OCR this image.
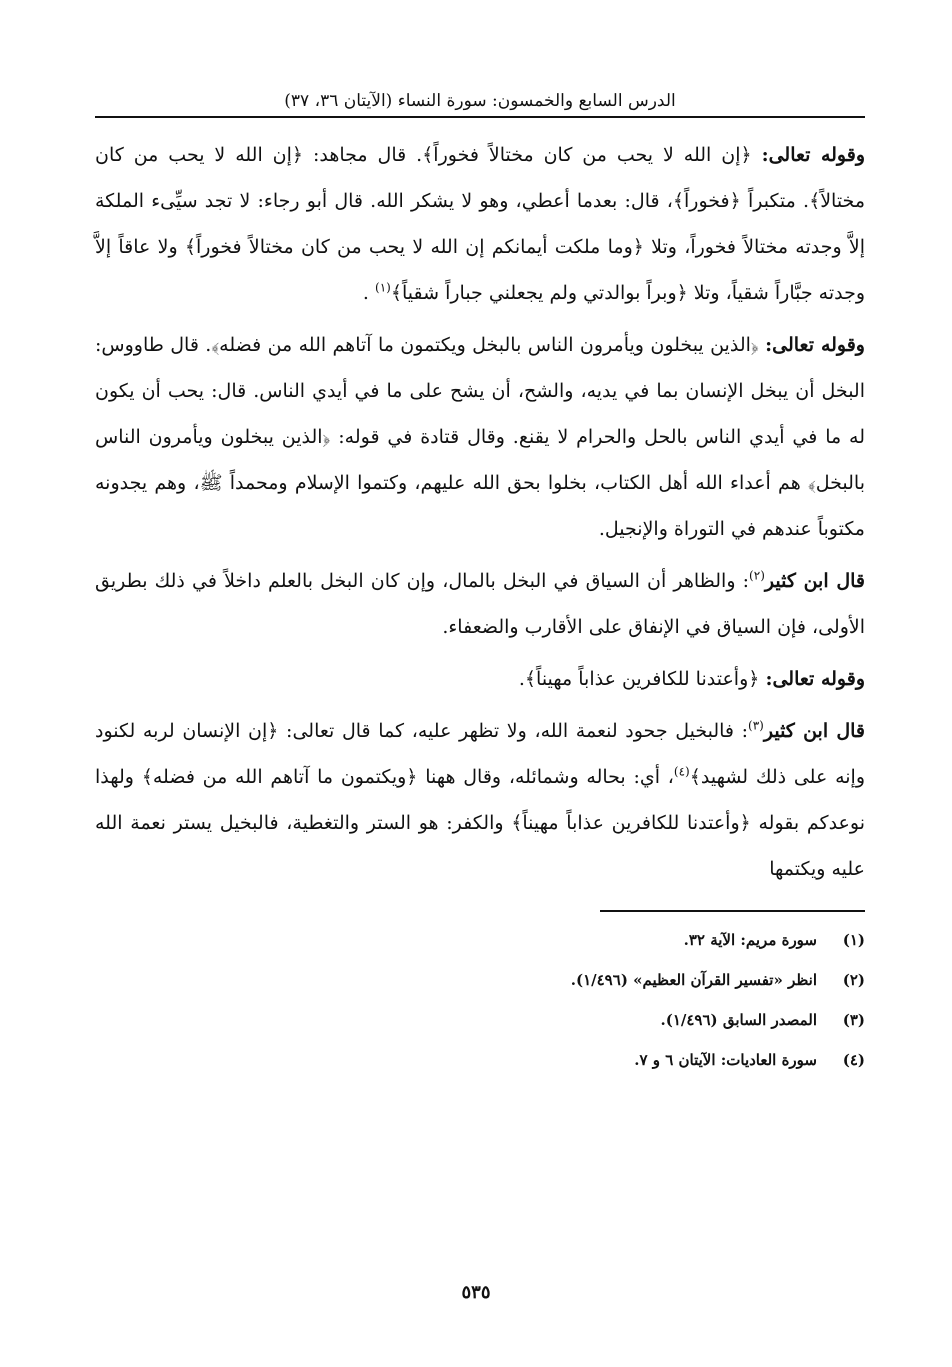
الدرس السابع والخمسون: سورة النساء (الآيتان ٣٦، ٣٧)

وقوله تعالى: ﴿إن الله لا يحب من كان مختالاً فخوراً﴾. قال مجاهد: ﴿إن الله لا يحب من كان مختالاً﴾. متكبراً ﴿فخوراً﴾، قال: بعدما أعطي، وهو لا يشكر الله. قال أبو رجاء: لا تجد سيِّىء الملكة إلاَّ وجدته مختالاً فخوراً، وتلا ﴿وما ملكت أيمانكم إن الله لا يحب من كان مختالاً فخوراً﴾ ولا عاقاً إلاَّ وجدته جبَّاراً شقياً، وتلا ﴿وبراً بوالدتي ولم يجعلني جباراً شقياً﴾$^{(١)}$ .

وقوله تعالى: ﴿الذين يبخلون ويأمرون الناس بالبخل ويكتمون ما آتاهم الله من فضله﴾. قال طاووس: البخل أن يبخل الإنسان بما في يديه، والشح، أن يشح على ما في أيدي الناس. قال: يحب أن يكون له ما في أيدي الناس بالحل والحرام لا يقنع. وقال قتادة في قوله: ﴿الذين يبخلون ويأمرون الناس بالبخل﴾ هم أعداء الله أهل الكتاب، بخلوا بحق الله عليهم، وكتموا الإسلام ومحمداً ﷺ، وهم يجدونه مكتوباً عندهم في التوراة والإنجيل.

قال ابن كثير$^{(٢)}$: والظاهر أن السياق في البخل بالمال، وإن كان البخل بالعلم داخلاً في ذلك بطريق الأولى، فإن السياق في الإنفاق على الأقارب والضعفاء.

وقوله تعالى: ﴿وأعتدنا للكافرين عذاباً مهيناً﴾.

قال ابن كثير$^{(٣)}$: فالبخيل جحود لنعمة الله، ولا تظهر عليه، كما قال تعالى: ﴿إن الإنسان لربه لكنود وإنه على ذلك لشهيد﴾$^{(٤)}$، أي: بحاله وشمائله، وقال ههنا ﴿ويكتمون ما آتاهم الله من فضله﴾ ولهذا نوعدكم بقوله ﴿وأعتدنا للكافرين عذاباً مهيناً﴾ والكفر: هو الستر والتغطية، فالبخيل يستر نعمة الله عليه ويكتمها

(١)سورة مريم: الآية ٣٢.
(٢)انظر «تفسير القرآن العظيم» (١/٤٩٦).
(٣)المصدر السابق (١/٤٩٦).
(٤)سورة العاديات: الآيتان ٦ و ٧.
٥٣٥
